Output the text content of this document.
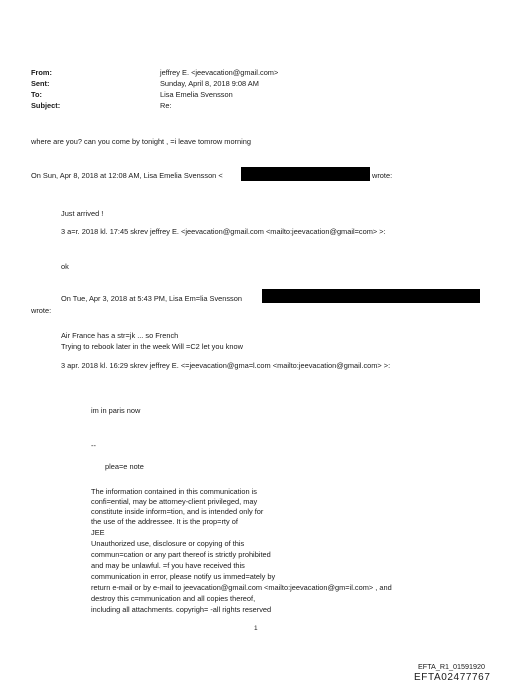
From:	jeffrey E. <jeevacation@gmail.com>
Sent:	Sunday, April 8, 2018 9:08 AM
To:	Lisa Emelia Svensson
Subject:	Re:
where are you? can you come by tonight , =i leave tomrow morning
On Sun, Apr 8, 2018 at 12:08 AM, Lisa Emelia Svensson <	wrote:
Just arrived !
3 a=r. 2018 kl. 17:45 skrev jeffrey E. <jeevacation@gmail.com <mailto:jeevacation@gmail=com> >:
ok
On Tue, Apr 3, 2018 at 5:43 PM, Lisa Em=lia Svensson
wrote:
Air France has a str=jk ... so French
Trying to rebook later in the week Will =C2 let you know
3 apr. 2018 kl. 16:29 skrev jeffrey E. <=jeevacation@gma=l.com <mailto:jeevacation@gmail.com> >:
im in paris now
--
plea=e note
The information contained in this communication is
confi=ential, may be attorney-client privileged, may
constitute inside inform=tion, and is intended only for
the use of the addressee. It is the prop=rty of
JEE
Unauthorized use, disclosure or copying of this
commun=cation or any part thereof is strictly prohibited
and may be unlawful. =f you have received this
communication in error, please notify us immed=ately by
return e-mail or by e-mail to jeevacation@gmail.com <mailto:jeevacation@gm=il.com> , and
destroy this c=mmunication and all copies thereof,
including all attachments. copyrigh= -all rights reserved
1
EFTA_R1_01591920
EFTA02477767
